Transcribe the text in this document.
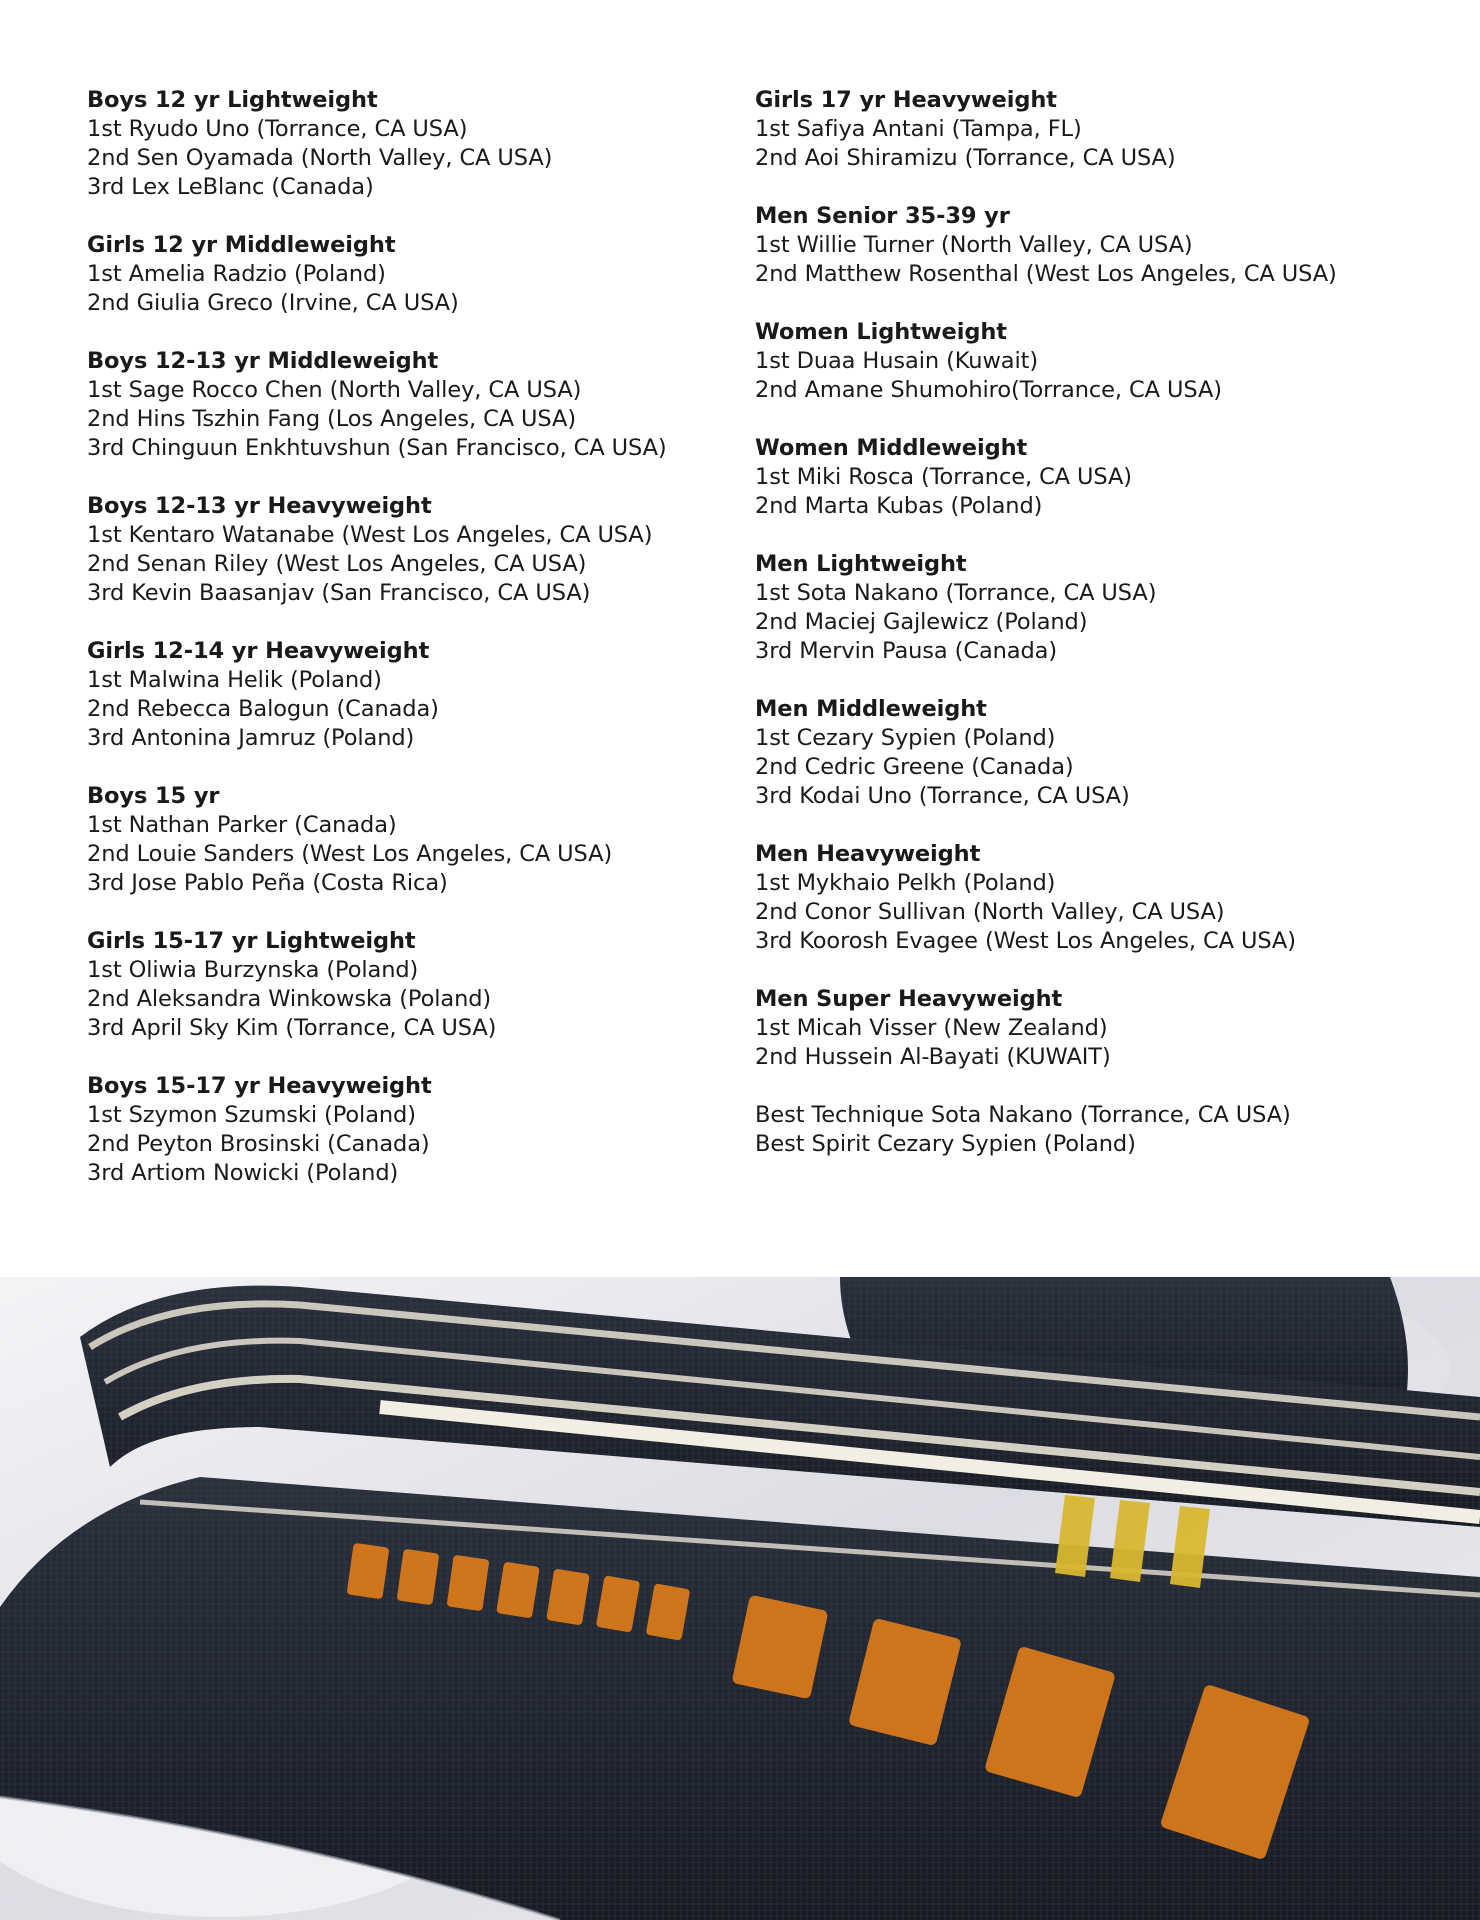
Boys 12 yr Lightweight
1st Ryudo Uno (Torrance, CA USA)
2nd Sen Oyamada (North Valley, CA USA)
3rd Lex LeBlanc (Canada)
Girls 12 yr Middleweight
1st Amelia Radzio (Poland)
2nd Giulia Greco (Irvine, CA USA)
Boys 12-13 yr Middleweight
1st Sage Rocco Chen (North Valley, CA USA)
2nd Hins Tszhin Fang (Los Angeles, CA USA)
3rd Chinguun Enkhtuvshun (San Francisco, CA USA)
Boys 12-13 yr Heavyweight
1st Kentaro Watanabe (West Los Angeles, CA USA)
2nd Senan Riley (West Los Angeles, CA USA)
3rd Kevin Baasanjav (San Francisco, CA USA)
Girls 12-14 yr Heavyweight
1st Malwina Helik (Poland)
2nd Rebecca Balogun (Canada)
3rd Antonina Jamruz (Poland)
Boys 15 yr
1st Nathan Parker (Canada)
2nd Louie Sanders (West Los Angeles, CA USA)
3rd Jose Pablo Peña (Costa Rica)
Girls 15-17 yr Lightweight
1st Oliwia Burzynska (Poland)
2nd Aleksandra Winkowska (Poland)
3rd April Sky Kim (Torrance, CA USA)
Boys 15-17 yr Heavyweight
1st Szymon Szumski (Poland)
2nd Peyton Brosinski (Canada)
3rd Artiom Nowicki (Poland)
Girls 17 yr Heavyweight
1st Safiya Antani (Tampa, FL)
2nd Aoi Shiramizu (Torrance, CA USA)
Men Senior 35-39 yr
1st Willie Turner (North Valley, CA USA)
2nd Matthew Rosenthal (West Los Angeles, CA USA)
Women Lightweight
1st Duaa Husain (Kuwait)
2nd Amane Shumohiro(Torrance, CA USA)
Women Middleweight
1st Miki Rosca (Torrance, CA USA)
2nd Marta Kubas (Poland)
Men Lightweight
1st Sota Nakano (Torrance, CA USA)
2nd Maciej Gajlewicz (Poland)
3rd Mervin Pausa (Canada)
Men Middleweight
1st Cezary Sypien (Poland)
2nd Cedric Greene (Canada)
3rd Kodai Uno (Torrance, CA USA)
Men Heavyweight
1st Mykhaio Pelkh (Poland)
2nd Conor Sullivan (North Valley, CA USA)
3rd Koorosh Evagee (West Los Angeles, CA USA)
Men Super Heavyweight
1st Micah Visser (New Zealand)
2nd Hussein Al-Bayati (KUWAIT)
Best Technique Sota Nakano (Torrance, CA USA)
Best Spirit Cezary Sypien (Poland)
